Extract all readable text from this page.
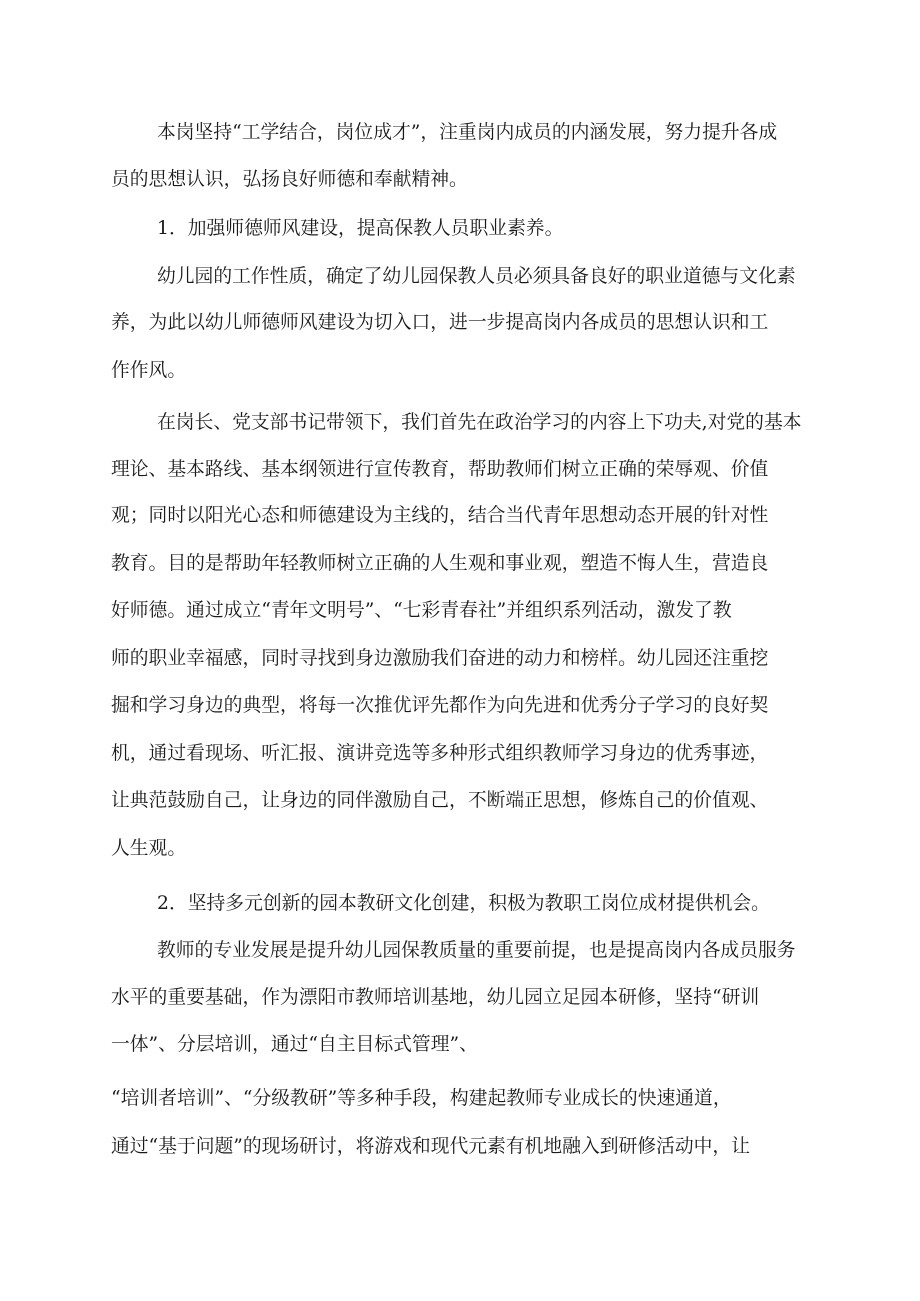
本岗坚持“工学结合，岗位成才”，注重岗内成员的内涵发展，努力提升各成

员的思想认识，弘扬良好师德和奉献精神。

1．加强师德师风建设，提高保教人员职业素养。

幼儿园的工作性质，确定了幼儿园保教人员必须具备良好的职业道德与文化素

养，为此以幼儿师德师风建设为切入口，进一步提高岗内各成员的思想认识和工

作作风。

在岗长、党支部书记带领下，我们首先在政治学习的内容上下功夫,对党的基本

理论、基本路线、基本纲领进行宣传教育，帮助教师们树立正确的荣辱观、价值

观；同时以阳光心态和师德建设为主线的，结合当代青年思想动态开展的针对性

教育。目的是帮助年轻教师树立正确的人生观和事业观，塑造不悔人生，营造良

好师德。通过成立“青年文明号”、“七彩青春社”并组织系列活动，激发了教

师的职业幸福感，同时寻找到身边激励我们奋进的动力和榜样。幼儿园还注重挖

掘和学习身边的典型，将每一次推优评先都作为向先进和优秀分子学习的良好契

机，通过看现场、听汇报、演讲竞选等多种形式组织教师学习身边的优秀事迹，

让典范鼓励自己，让身边的同伴激励自己，不断端正思想，修炼自己的价值观、

人生观。

2．坚持多元创新的园本教研文化创建，积极为教职工岗位成材提供机会。

教师的专业发展是提升幼儿园保教质量的重要前提，也是提高岗内各成员服务

水平的重要基础，作为漂阳市教师培训基地，幼儿园立足园本研修，坚持“研训

一体”、分层培训，通过“自主目标式管理”、

“培训者培训”、“分级教研”等多种手段，构建起教师专业成长的快速通道，

通过“基于问题”的现场研讨，将游戏和现代元素有机地融入到研修活动中，让
